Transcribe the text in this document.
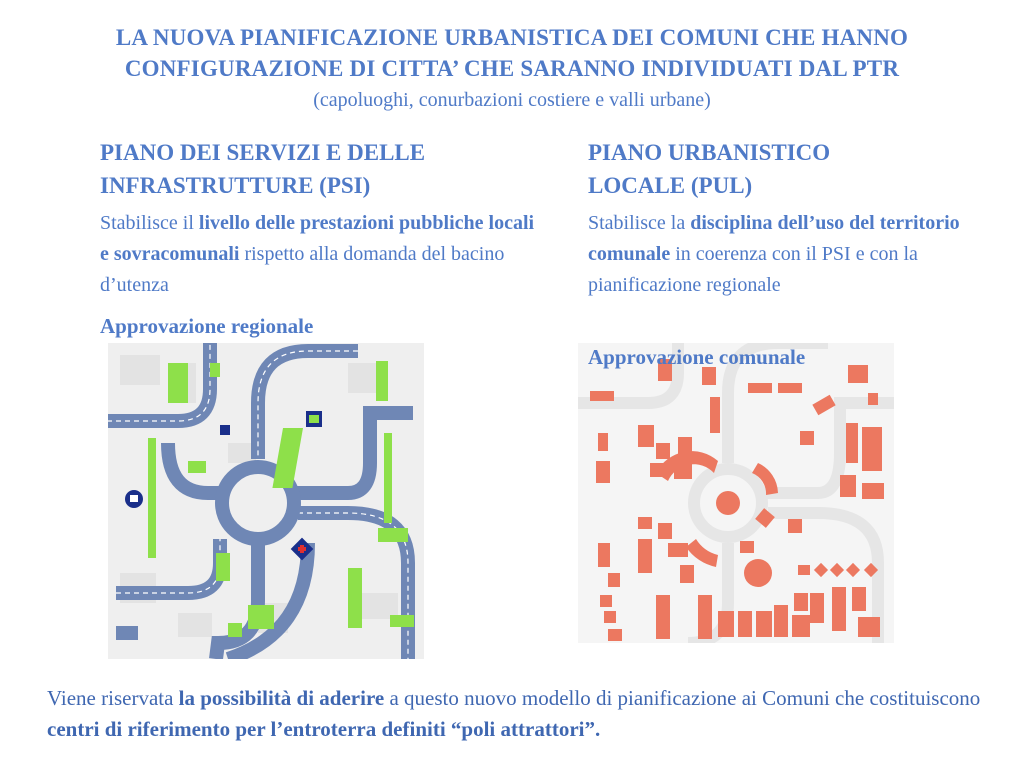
LA NUOVA PIANIFICAZIONE URBANISTICA DEI COMUNI CHE HANNO
CONFIGURAZIONE DI CITTA’ CHE SARANNO INDIVIDUATI DAL PTR
(capoluoghi, conurbazioni costiere e valli urbane)
PIANO DEI SERVIZI E DELLE
INFRASTRUTTURE (PSI)
Stabilisce il livello delle prestazioni pubbliche locali e sovracomunali rispetto alla domanda del bacino d’utenza
Approvazione regionale
PIANO URBANISTICO
LOCALE (PUL)
Stabilisce la disciplina dell’uso del territorio comunale in coerenza con il PSI e con la pianificazione regionale
Approvazione comunale
Viene riservata la possibilità di aderire a questo nuovo modello di pianificazione ai Comuni che costituiscono centri di riferimento per l’entroterra definiti “poli attrattori”.
